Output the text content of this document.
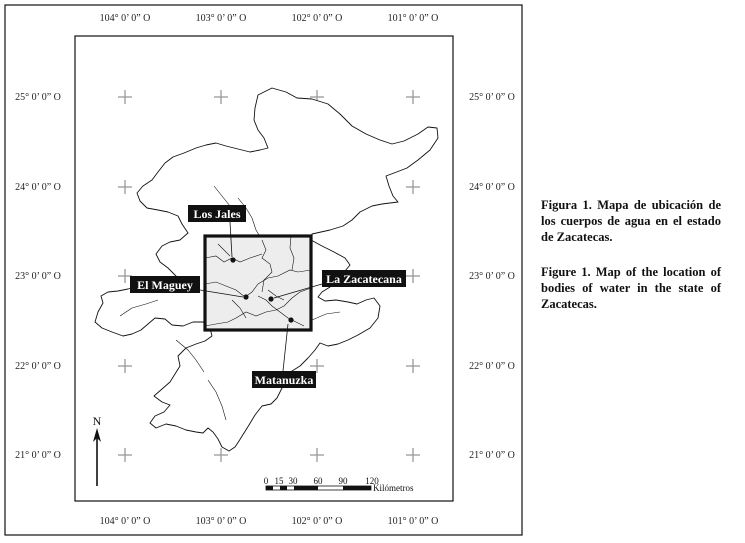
Los Jales
El Maguey	La Zacatecana
Matanuzka
104° 0’ 0” O	103° 0’ 0” O	102° 0’ 0” O	101° 0’ 0” O
104° 0’ 0” O	103° 0’ 0” O	102° 0’ 0” O	101° 0’ 0” O
25° 0’ 0” O
24° 0’ 0” O
23° 0’ 0” O
22° 0’ 0” O
21° 0’ 0” O
25° 0’ 0” O
24° 0’ 0” O
23° 0’ 0” O
22° 0’ 0” O
21° 0’ 0” O
N
0 15 30 60 90 120
Kilómetros
Figura 1. Mapa de ubicación de los cuerpos de agua en el estado de Zacatecas.
Figure 1. Map of the location of bodies of water in the state of Zacatecas.
